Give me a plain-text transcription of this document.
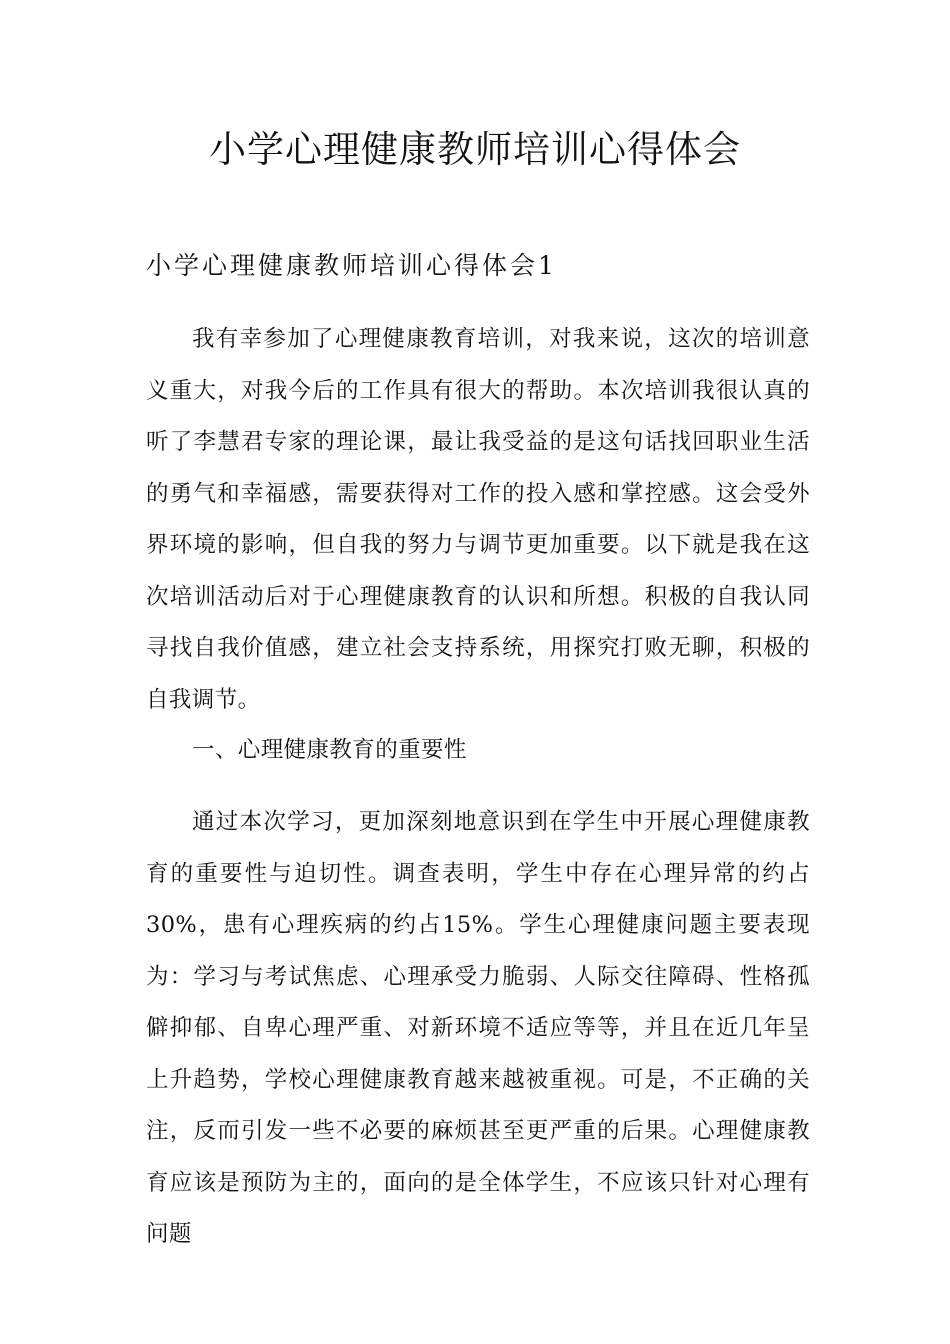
小学心理健康教师培训心得体会
小学心理健康教师培训心得体会1

我有幸参加了心理健康教育培训，对我来说，这次的培训意义重大，对我今后的工作具有很大的帮助。本次培训我很认真的听了李慧君专家的理论课，最让我受益的是这句话找回职业生活的勇气和幸福感，需要获得对工作的投入感和掌控感。这会受外界环境的影响，但自我的努力与调节更加重要。以下就是我在这次培训活动后对于心理健康教育的认识和所想。积极的自我认同寻找自我价值感，建立社会支持系统，用探究打败无聊，积极的自我调节。

一、心理健康教育的重要性

通过本次学习，更加深刻地意识到在学生中开展心理健康教育的重要性与迫切性。调查表明，学生中存在心理异常的约占30%，患有心理疾病的约占15%。学生心理健康问题主要表现为：学习与考试焦虑、心理承受力脆弱、人际交往障碍、性格孤僻抑郁、自卑心理严重、对新环境不适应等等，并且在近几年呈上升趋势，学校心理健康教育越来越被重视。可是，不正确的关注，反而引发一些不必要的麻烦甚至更严重的后果。心理健康教育应该是预防为主的，面向的是全体学生，不应该只针对心理有问题
